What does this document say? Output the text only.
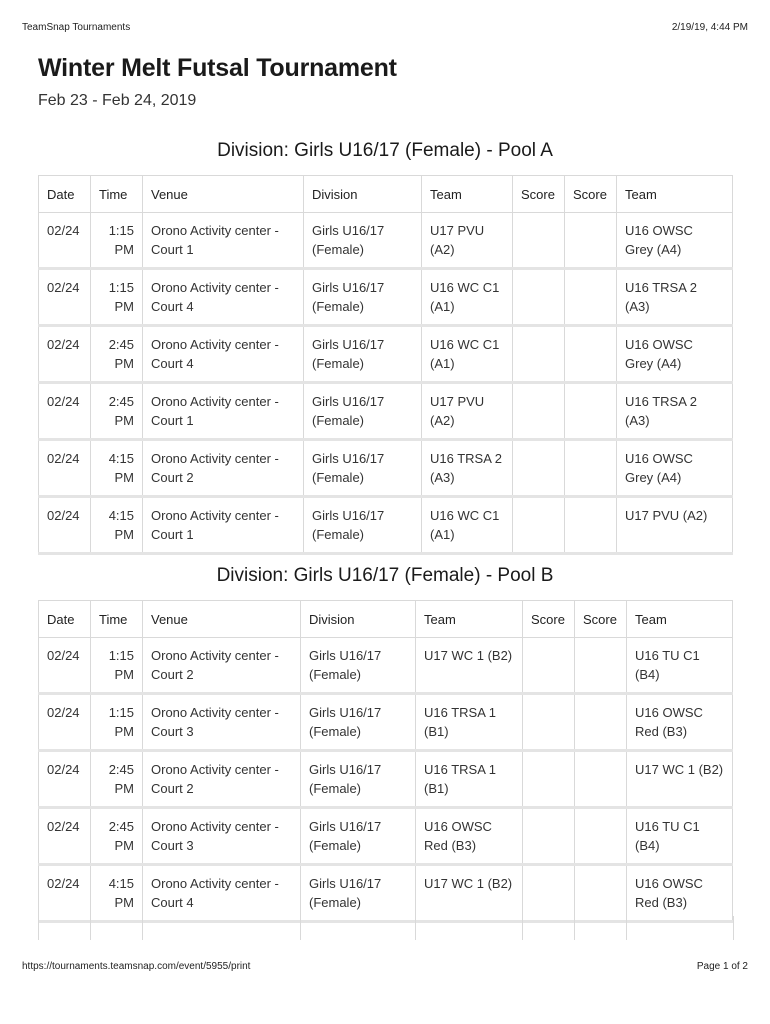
TeamSnap Tournaments	2/19/19, 4:44 PM
Winter Melt Futsal Tournament

Feb 23 - Feb 24, 2019

Division: Girls U16/17 (Female) - Pool A
Date	Time	Venue	Division	Team	Score	Score	Team
02/24	1:15 PM	Orono Activity center - Court 1	Girls U16/17 (Female)	U17 PVU (A2)			U16 OWSC Grey (A4)
02/24	1:15 PM	Orono Activity center - Court 4	Girls U16/17 (Female)	U16 WC C1 (A1)			U16 TRSA 2 (A3)
02/24	2:45 PM	Orono Activity center - Court 4	Girls U16/17 (Female)	U16 WC C1 (A1)			U16 OWSC Grey (A4)
02/24	2:45 PM	Orono Activity center - Court 1	Girls U16/17 (Female)	U17 PVU (A2)			U16 TRSA 2 (A3)
02/24	4:15 PM	Orono Activity center - Court 2	Girls U16/17 (Female)	U16 TRSA 2 (A3)			U16 OWSC Grey (A4)
02/24	4:15 PM	Orono Activity center - Court 1	Girls U16/17 (Female)	U16 WC C1 (A1)			U17 PVU (A2)
Division: Girls U16/17 (Female) - Pool B
Date	Time	Venue	Division	Team	Score	Score	Team
02/24	1:15 PM	Orono Activity center - Court 2	Girls U16/17 (Female)	U17 WC 1 (B2)			U16 TU C1 (B4)
02/24	1:15 PM	Orono Activity center - Court 3	Girls U16/17 (Female)	U16 TRSA 1 (B1)			U16 OWSC Red (B3)
02/24	2:45 PM	Orono Activity center - Court 2	Girls U16/17 (Female)	U16 TRSA 1 (B1)			U17 WC 1 (B2)
02/24	2:45 PM	Orono Activity center - Court 3	Girls U16/17 (Female)	U16 OWSC Red (B3)			U16 TU C1 (B4)
02/24	4:15 PM	Orono Activity center - Court 4	Girls U16/17 (Female)	U17 WC 1 (B2)			U16 OWSC Red (B3)
https://tournaments.teamsnap.com/event/5955/print	Page 1 of 2
